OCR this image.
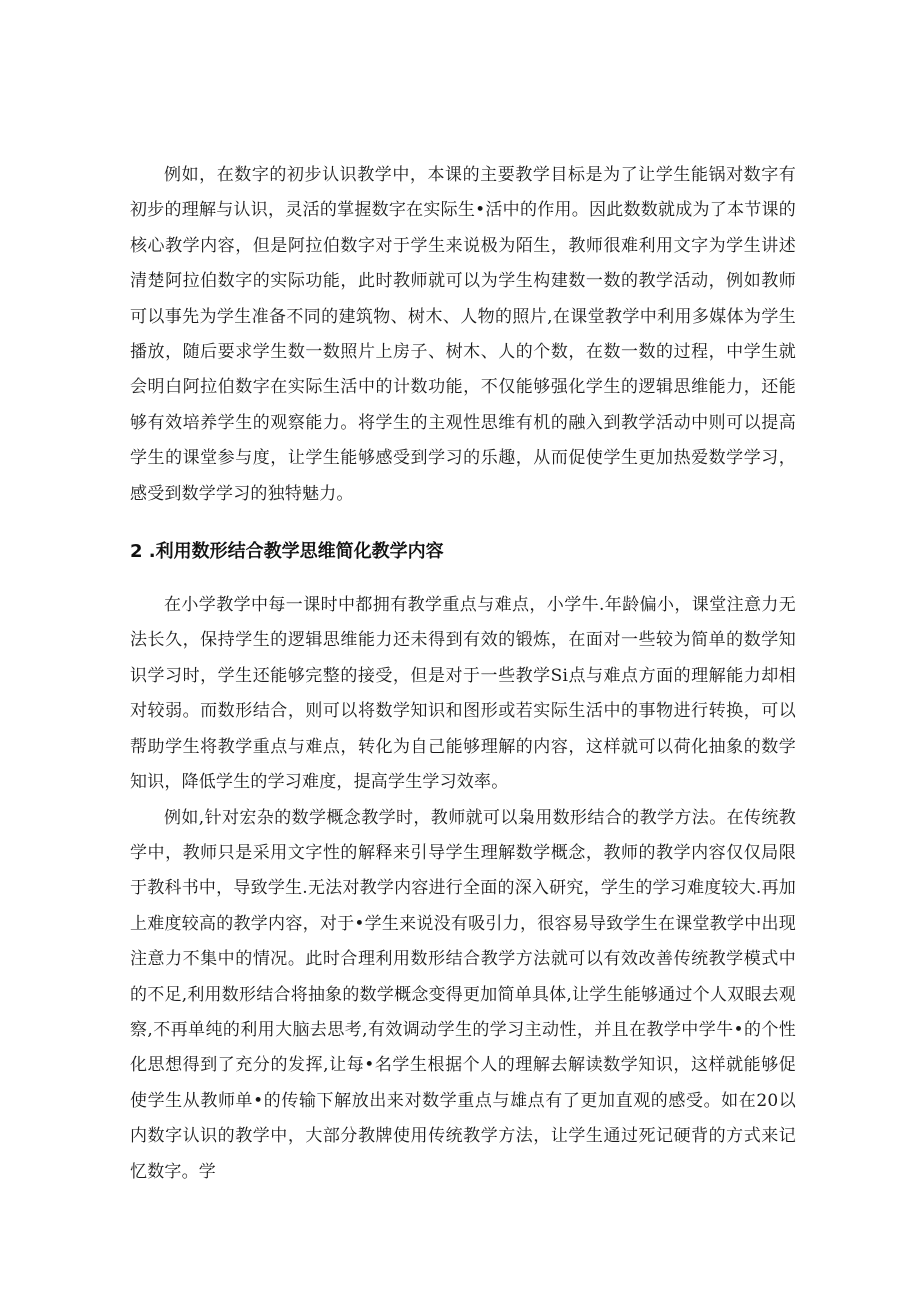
例如，在数字的初步认识教学中，本课的主要教学目标是为了让学生能锅对数字有初步的理解与认识，灵活的掌握数字在实际生•活中的作用。因此数数就成为了本节课的核心教学内容，但是阿拉伯数字对于学生来说极为陌生，教师很难利用文字为学生讲述清楚阿拉伯数字的实际功能，此时教师就可以为学生构建数一数的教学活动，例如教师可以事先为学生准备不同的建筑物、树木、人物的照片,在课堂教学中利用多媒体为学生播放，随后要求学生数一数照片上房子、树木、人的个数，在数一数的过程，中学生就会明白阿拉伯数字在实际生活中的计数功能，不仅能够强化学生的逻辑思维能力，还能够有效培养学生的观察能力。将学生的主观性思维有机的融入到教学活动中则可以提高学生的课堂参与度，让学生能够感受到学习的乐趣，从而促使学生更加热爱数学学习，感受到数学学习的独特魅力。

2 .利用数形结合教学思维简化教学内容

在小学教学中每一课时中都拥有教学重点与难点，小学牛.年龄偏小，课堂注意力无法长久，保持学生的逻辑思维能力还未得到有效的锻炼，在面对一些较为简单的数学知识学习时，学生还能够完整的接受，但是对于一些教学Si点与难点方面的理解能力却相对较弱。而数形结合，则可以将数学知识和图形或若实际生活中的事物进行转换，可以帮助学生将教学重点与难点，转化为自己能够理解的内容，这样就可以荷化抽象的数学知识，降低学生的学习难度，提高学生学习效率。

例如,针对宏杂的数学概念教学时，教师就可以枭用数形结合的教学方法。在传统教学中，教师只是采用文字性的解释来引导学生理解数学概念，教师的教学内容仅仅局限于教科书中，导致学生.无法对教学内容进行全面的深入研究，学生的学习难度较大.再加上难度较高的教学内容，对于•学生来说没有吸引力，很容易导致学生在课堂教学中出现注意力不集中的情况。此时合理利用数形结合教学方法就可以有效改善传统教学模式中的不足,利用数形结合将抽象的数学概念变得更加简单具体,让学生能够通过个人双眼去观察,不再单纯的利用大脑去思考,有效调动学生的学习主动性，并且在教学中学牛•的个性化思想得到了充分的发挥,让每•名学生根据个人的理解去解读数学知识，这样就能够促使学生从教师单•的传输下解放出来对数学重点与雄点有了更加直观的感受。如在20以内数字认识的教学中，大部分教牌使用传统教学方法，让学生通过死记硬背的方式来记忆数字。学
